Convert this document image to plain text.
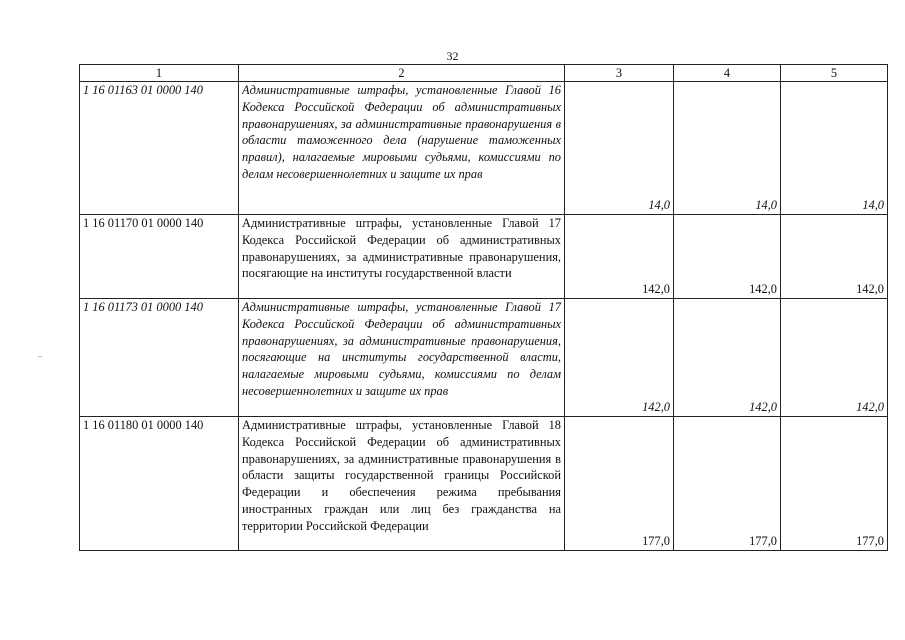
32
1	2	3	4	5
1 16 01163 01 0000 140	Административные штрафы, установленные Главой 16 Кодекса Российской Федерации об административных правонарушениях, за административные правонарушения в области таможенного дела (нарушение таможенных правил), налагаемые мировыми судьями, комиссиями по делам несовершеннолетних и защите их прав	14,0	14,0	14,0
1 16 01170 01 0000 140	Административные штрафы, установленные Главой 17 Кодекса Российской Федерации об административных правонарушениях, за административные правонарушения, посягающие на институты государственной власти	142,0	142,0	142,0
1 16 01173 01 0000 140	Административные штрафы, установленные Главой 17 Кодекса Российской Федерации об административных правонарушениях, за административные правонарушения, посягающие на институты государственной власти, налагаемые мировыми судьями, комиссиями по делам несовершеннолетних и защите их прав	142,0	142,0	142,0
1 16 01180 01 0000 140	Административные штрафы, установленные Главой 18 Кодекса Российской Федерации об административных правонарушениях, за административные правонарушения в области защиты государственной границы Российской Федерации и обеспечения режима пребывания иностранных граждан или лиц без гражданства на территории Российской Федерации	177,0	177,0	177,0
